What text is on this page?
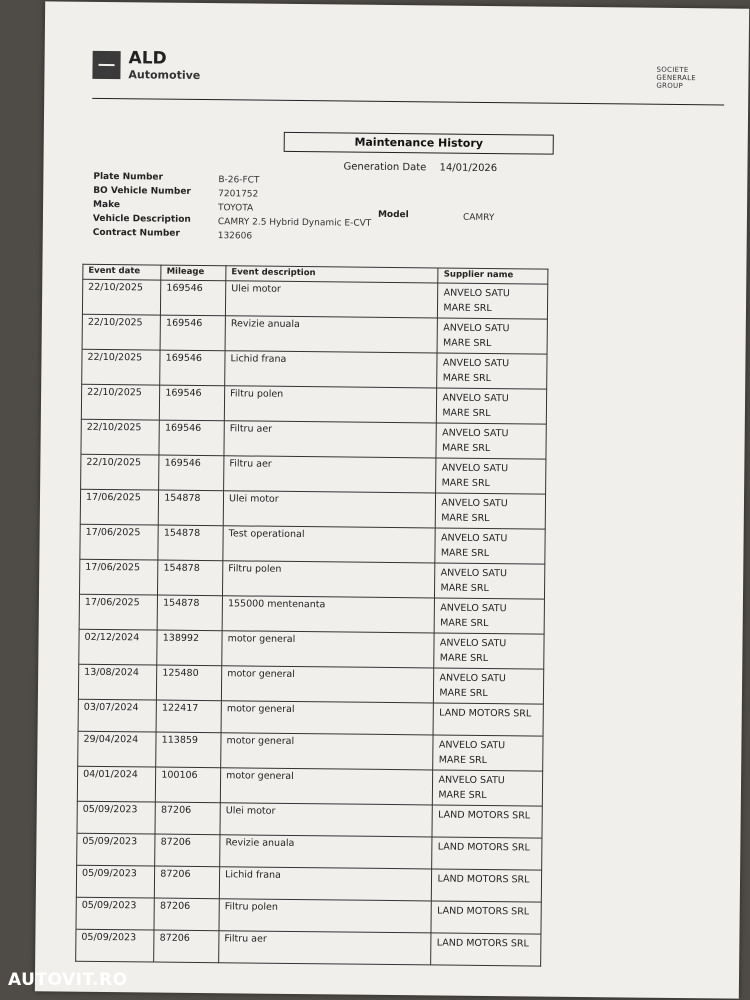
ALD
Automotive	SOCIETE
GENERALE
GROUP
Maintenance History
Generation Date 14/01/2026
Plate Number	B-26-FCT
BO Vehicle Number	7201752
Make	TOYOTA
Vehicle Description	CAMRY 2.5 Hybrid Dynamic E-CVT
Contract Number	132606
Model	CAMRY
Event date	Mileage	Event description	Supplier name
22/10/2025	169546	Ulei motor	ANVELO SATU
MARE SRL

22/10/2025	169546	Revizie anuala	ANVELO SATU
MARE SRL

22/10/2025	169546	Lichid frana	ANVELO SATU
MARE SRL

22/10/2025	169546	Filtru polen	ANVELO SATU
MARE SRL

22/10/2025	169546	Filtru aer	ANVELO SATU
MARE SRL

22/10/2025	169546	Filtru aer	ANVELO SATU
MARE SRL

17/06/2025	154878	Ulei motor	ANVELO SATU
MARE SRL

17/06/2025	154878	Test operational	ANVELO SATU
MARE SRL

17/06/2025	154878	Filtru polen	ANVELO SATU
MARE SRL

17/06/2025	154878	155000 mentenanta	ANVELO SATU
MARE SRL

02/12/2024	138992	motor general	ANVELO SATU
MARE SRL

13/08/2024	125480	motor general	ANVELO SATU
MARE SRL

03/07/2024	122417	motor general	LAND MOTORS SRL

29/04/2024	113859	motor general	ANVELO SATU
MARE SRL

04/01/2024	100106	motor general	ANVELO SATU
MARE SRL

05/09/2023	87206	Ulei motor	LAND MOTORS SRL

05/09/2023	87206	Revizie anuala	LAND MOTORS SRL

05/09/2023	87206	Lichid frana	LAND MOTORS SRL

05/09/2023	87206	Filtru polen	LAND MOTORS SRL

05/09/2023	87206	Filtru aer	LAND MOTORS SRL
AUTOVIT.RO
